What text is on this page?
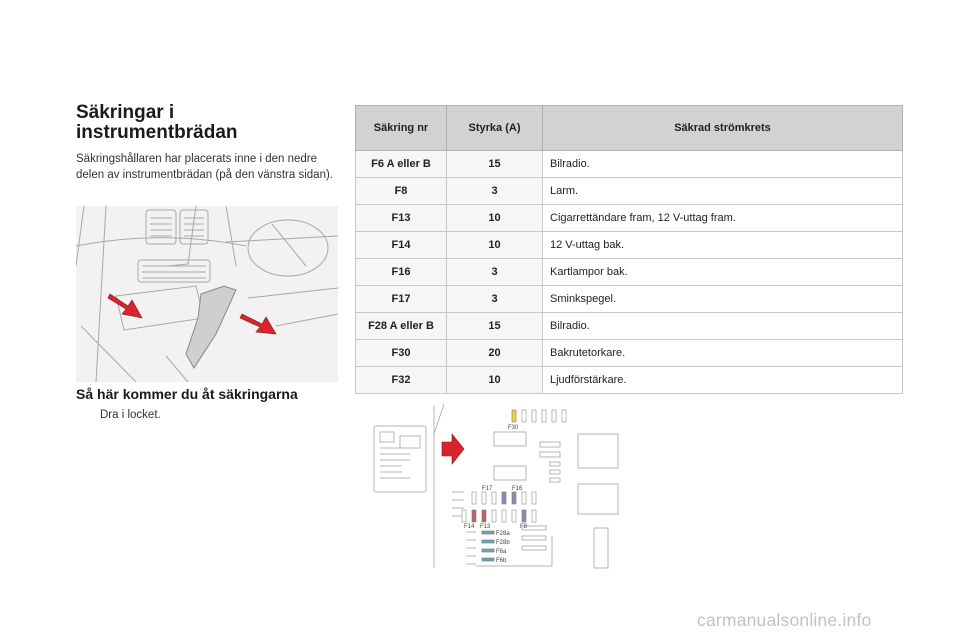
Säkringar i
instrumentbrädan

Säkringshållaren har placerats inne i den nedre delen av instrumentbrädan (på den vänstra sidan).

Så här kommer du åt säkringarna
Dra i locket.
Säkring nr	Styrka (A)	Säkrad strömkrets
F6 A eller B	15	Bilradio.
F8	3	Larm.
F13	10	Cigarrettändare fram, 12 V-uttag fram.
F14	10	12 V-uttag bak.
F16	3	Kartlampor bak.
F17	3	Sminkspegel.
F28 A eller B	15	Bilradio.
F30	20	Bakrutetorkare.
F32	10	Ljudförstärkare.
F30
F17	F16
F14 F13	F8
F28a
F28b
F6a
F6b
carmanualsonline.info
